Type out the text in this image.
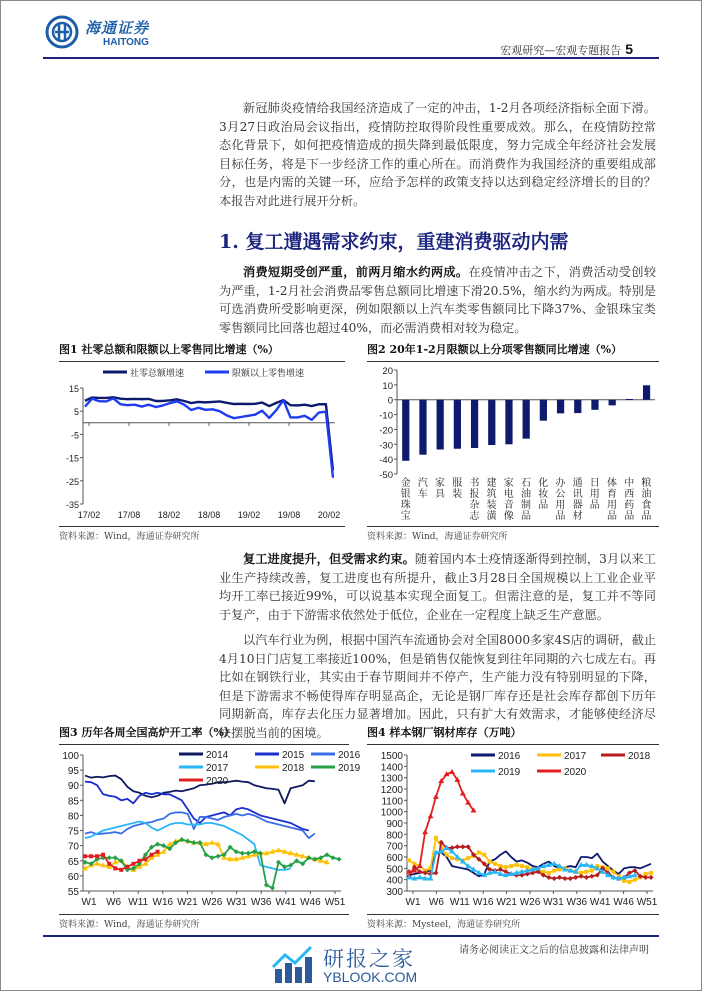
海通证券
HAITONG
宏观研究—宏观专题报告 5
新冠肺炎疫情给我国经济造成了一定的冲击，1-2月各项经济指标全面下滑。3月27日政治局会议指出，疫情防控取得阶段性重要成效。那么，在疫情防控常态化背景下，如何把疫情造成的损失降到最低限度，努力完成全年经济社会发展目标任务，将是下一步经济工作的重心所在。而消费作为我国经济的重要组成部分，也是内需的关键一环，应给予怎样的政策支持以达到稳定经济增长的目的？本报告对此进行展开分析。
1. 复工遭遇需求约束，重建消费驱动内需
消费短期受创严重，前两月缩水约两成。在疫情冲击之下，消费活动受创较为严重，1-2月社会消费品零售总额同比增速下滑20.5%，缩水约为两成。特别是可选消费所受影响更深，例如限额以上汽车类零售额同比下降37%、金银珠宝类零售额同比回落也超过40%，而必需消费相对较为稳定。
图1 社零总额和限额以上零售同比增速（%）
15
5
-5
-15
-25
-35
17/02 17/08 18/02 18/08 19/02 19/08 20/02
社零总额增速	限额以上零售增速
资料来源：Wind，海通证券研究所
图2 20年1-2月限额以上分项零售额同比增速（%）
20
10
0
-10
-20
-30
-40
-50
金
银
珠
宝
汽
车
家
具
服
装
书
报
杂
志
建
筑
装
潢
家
电
音
像
石
油
制
品
化
妆
品
办
公
用
品
通
讯
器
材
日
用
品
体
育
用
品
中
西
药
品
粮
油
食
品
资料来源：Wind，海通证券研究所
复工进度提升，但受需求约束。随着国内本土疫情逐渐得到控制，3月以来工业生产持续改善，复工进度也有所提升，截止3月28日全国规模以上工业企业平均开工率已接近99%，可以说基本实现全面复工。但需注意的是，复工并不等同于复产，由于下游需求依然处于低位，企业在一定程度上缺乏生产意愿。
以汽车行业为例，根据中国汽车流通协会对全国8000多家4S店的调研，截止4月10日门店复工率接近100%，但是销售仅能恢复到往年同期的六七成左右。再比如在钢铁行业，其实由于春节期间并不停产，生产能力没有特别明显的下降，但是下游需求不畅使得库存明显高企，无论是钢厂库存还是社会库存都创下历年同期新高，库存去化压力显著增加。因此，只有扩大有效需求，才能够使经济尽快摆脱当前的困境。
图3 历年各周全国高炉开工率（%）
100
95
90
85
80
75
70
65
60
55
W1 W6 W11 W16 W21 W26 W31 W36 W41 W46 W51
2014	2015	2016
2017	2018	2019
2020
资料来源：Wind，海通证券研究所
图4 样本钢厂钢材库存（万吨）
1500
1400
1300
1200
1100
1000
900
800
700
600
500
400
300
W1 W6 W11 W16 W21 W26 W31 W36 W41 W46 W51
2016	2017	2018
2019	2020
资料来源：Mysteel，海通证券研究所
研报之家
YBLOOK.COM
请务必阅读正文之后的信息披露和法律声明
